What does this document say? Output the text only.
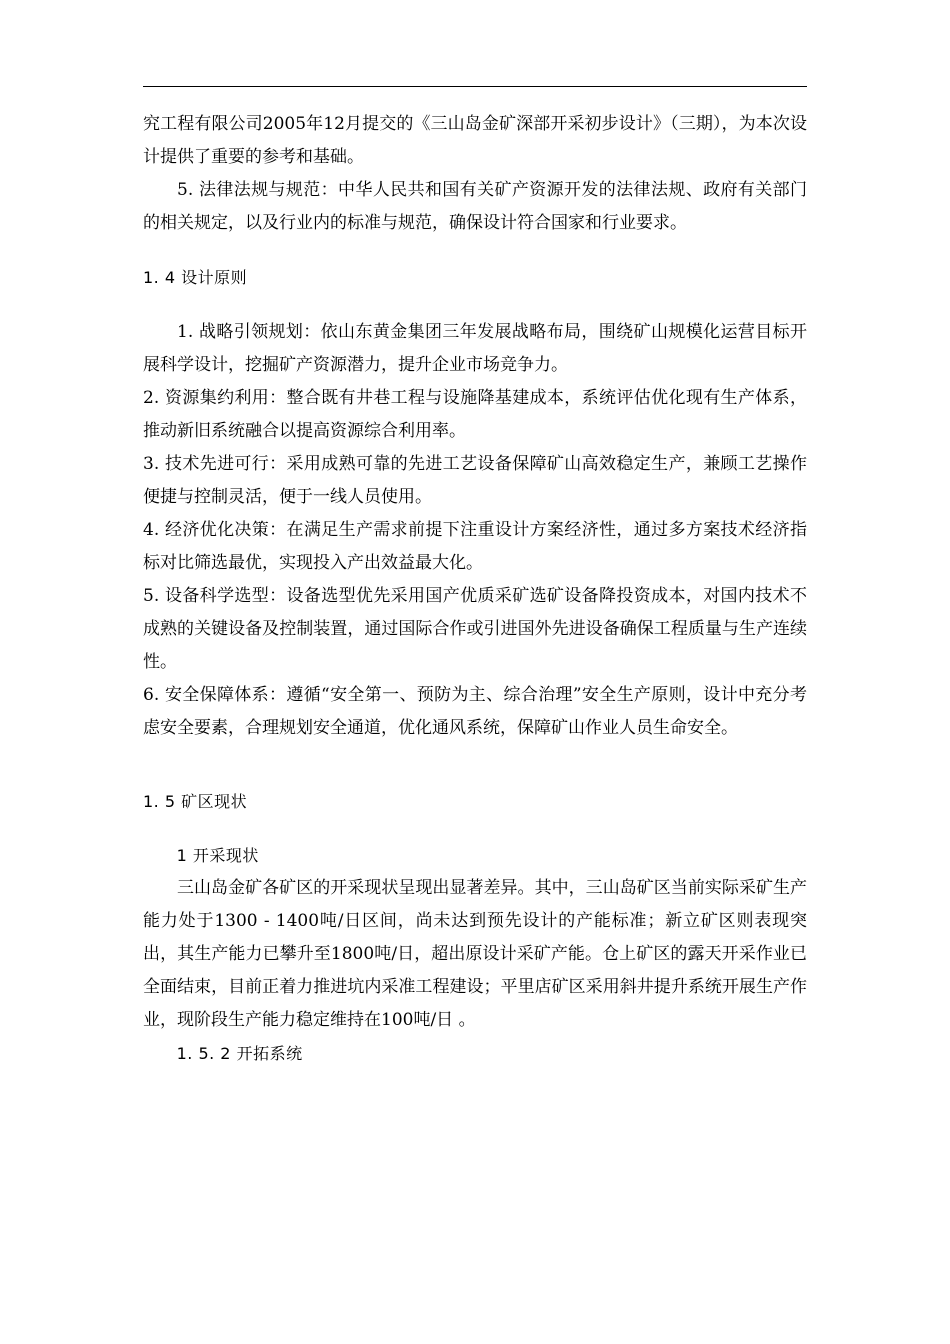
究工程有限公司2005年12月提交的《三山岛金矿深部开采初步设计》（三期），为本次设计提供了重要的参考和基础。

5. 法律法规与规范：中华人民共和国有关矿产资源开发的法律法规、政府有关部门的相关规定，以及行业内的标准与规范，确保设计符合国家和行业要求。

1. 4 设计原则

1. 战略引领规划：依山东黄金集团三年发展战略布局，围绕矿山规模化运营目标开展科学设计，挖掘矿产资源潜力，提升企业市场竞争力。

2. 资源集约利用：整合既有井巷工程与设施降基建成本，系统评估优化现有生产体系，推动新旧系统融合以提高资源综合利用率。

3. 技术先进可行：采用成熟可靠的先进工艺设备保障矿山高效稳定生产，兼顾工艺操作便捷与控制灵活，便于一线人员使用。

4. 经济优化决策：在满足生产需求前提下注重设计方案经济性，通过多方案技术经济指标对比筛选最优，实现投入产出效益最大化。

5. 设备科学选型：设备选型优先采用国产优质采矿选矿设备降投资成本，对国内技术不成熟的关键设备及控制装置，通过国际合作或引进国外先进设备确保工程质量与生产连续性。

6. 安全保障体系：遵循“安全第一、预防为主、综合治理”安全生产原则，设计中充分考虑安全要素，合理规划安全通道，优化通风系统，保障矿山作业人员生命安全。

1. 5 矿区现状

1 开采现状

三山岛金矿各矿区的开采现状呈现出显著差异。其中，三山岛矿区当前实际采矿生产能力处于1300 - 1400吨/日区间，尚未达到预先设计的产能标准；新立矿区则表现突出，其生产能力已攀升至1800吨/日，超出原设计采矿产能。仓上矿区的露天开采作业已全面结束，目前正着力推进坑内采准工程建设；平里店矿区采用斜井提升系统开展生产作业，现阶段生产能力稳定维持在100吨/日 。

1. 5. 2 开拓系统
